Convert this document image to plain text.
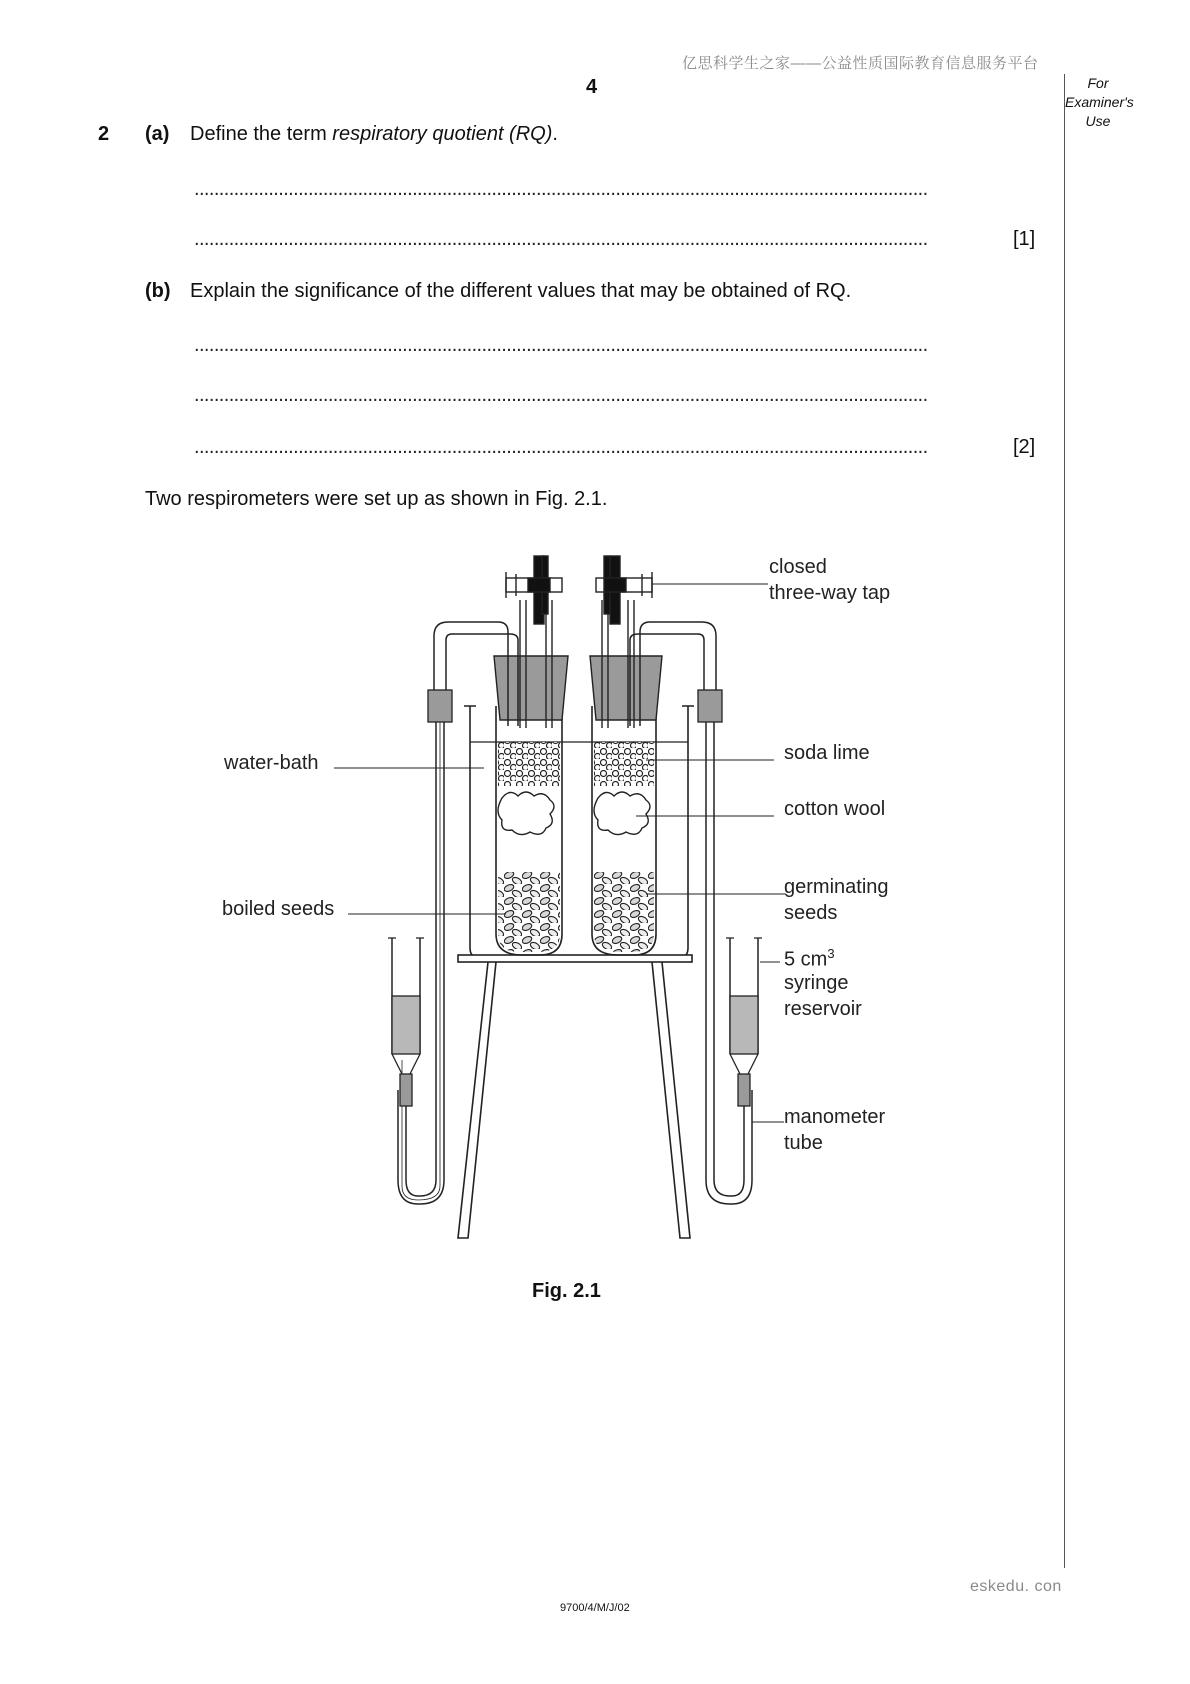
亿思科学生之家——公益性质国际教育信息服务平台
4	For
Examiner's
Use
2 (a) Define the term respiratory quotient (RQ).
....................................................................................................................................................
....................................................................................................................................................	[1]
(b) Explain the significance of the different values that may be obtained of RQ.
....................................................................................................................................................
....................................................................................................................................................
....................................................................................................................................................	[2]
Two respirometers were set up as shown in Fig. 2.1.
closed
three-way tap
water-bath	soda lime
cotton wool
boiled seeds
germinating
seeds
5 $cm^3$
syringe
reservoir
manometer
tube
Fig. 2.1
eskedu. con
9700/4/M/J/02
